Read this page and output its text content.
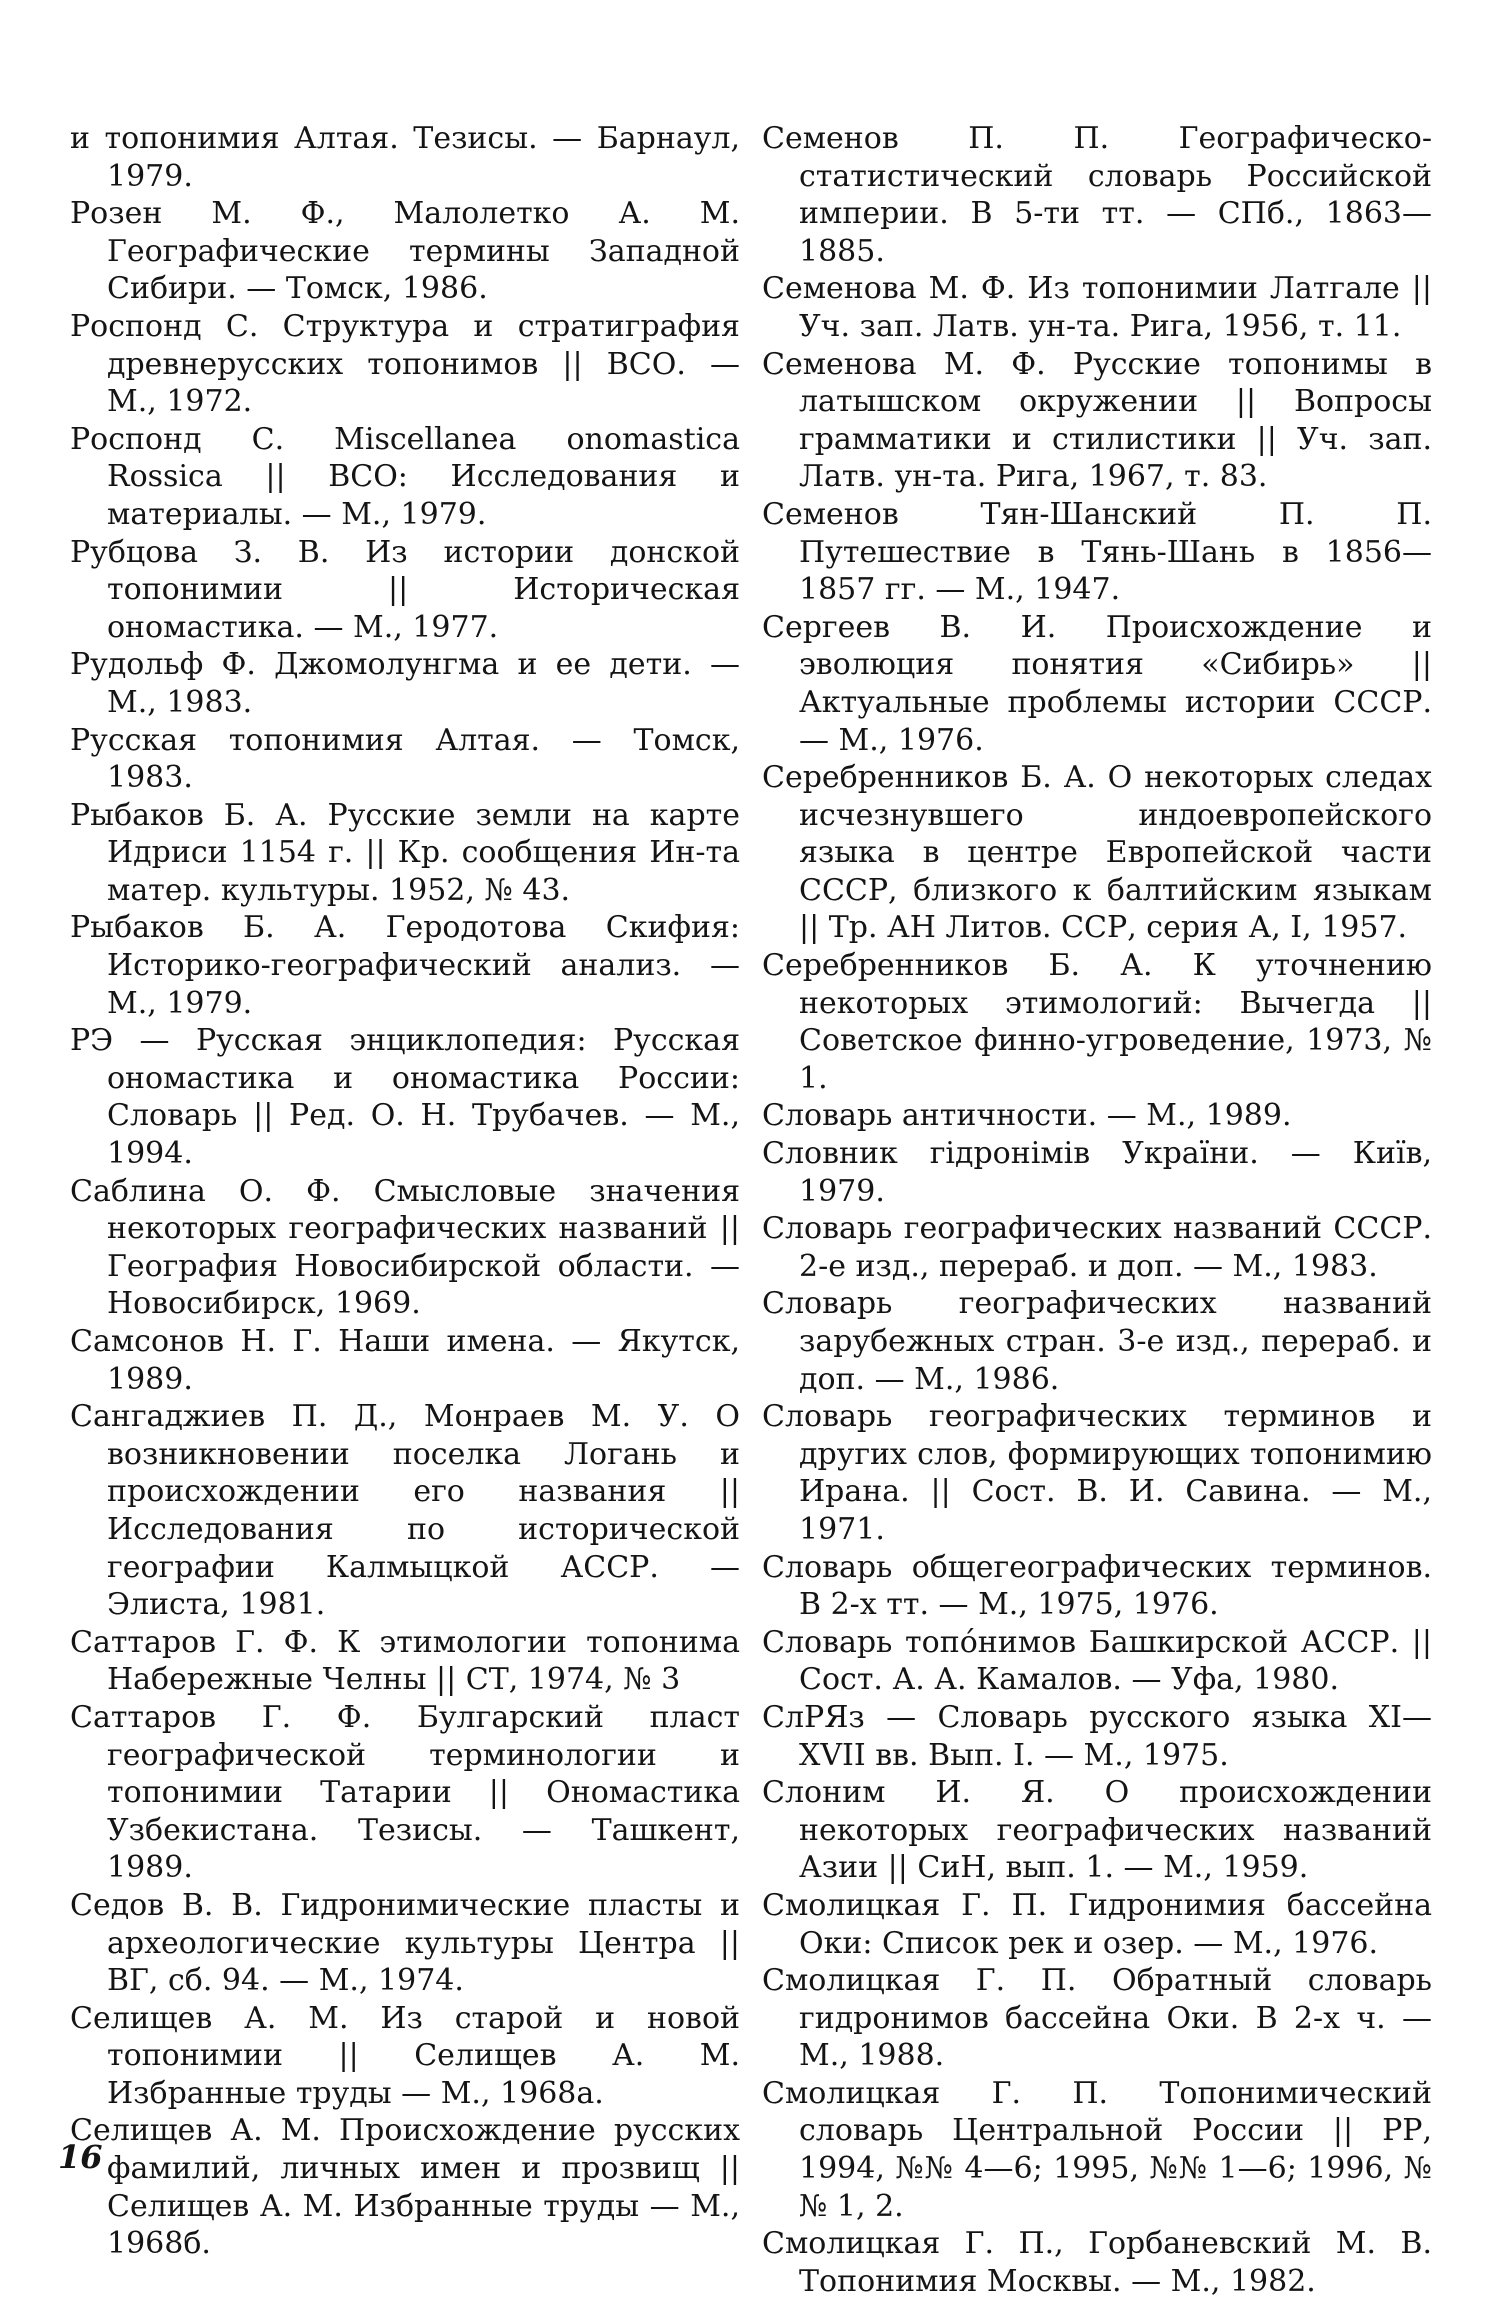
и топонимия Алтая. Тезисы. — Барнаул, 1979.

Розен М. Ф., Малолетко А. М. Географические термины Западной Сибири. — Томск, 1986.

Роспонд С. Структура и стратиграфия древнерусских топонимов || ВСО. — М., 1972.

Роспонд С. Miscellanea onomastica Rossica || ВСО: Исследования и материалы. — М., 1979.

Рубцова З. В. Из истории донской топонимии || Историческая ономастика. — М., 1977.

Рудольф Ф. Джомолунгма и ее дети. — М., 1983.

Русская топонимия Алтая. — Томск, 1983.

Рыбаков Б. А. Русские земли на карте Идриси 1154 г. || Кр. сообщения Ин-та матер. культуры. 1952, № 43.

Рыбаков Б. А. Геродотова Скифия: Историко-географический анализ. — М., 1979.

РЭ — Русская энциклопедия: Русская ономастика и ономастика России: Словарь || Ред. О. Н. Трубачев. — М., 1994.

Саблина О. Ф. Смысловые значения некоторых географических названий || География Новосибирской области. — Новосибирск, 1969.

Самсонов Н. Г. Наши имена. — Якутск, 1989.

Сангаджиев П. Д., Монраев М. У. О возникновении поселка Логань и происхождении его названия || Исследования по исторической географии Калмыцкой АССР. — Элиста, 1981.

Саттаров Г. Ф. К этимологии топонима Набережные Челны || СТ, 1974, № 3

Саттаров Г. Ф. Булгарский пласт географической терминологии и топонимии Татарии || Ономастика Узбекистана. Тезисы. — Ташкент, 1989.

Седов В. В. Гидронимические пласты и археологические культуры Центра || ВГ, сб. 94. — М., 1974.

Селищев А. М. Из старой и новой топонимии || Селищев А. М. Избранные труды — М., 1968а.

Селищев А. М. Происхождение русских фамилий, личных имен и прозвищ || Селищев А. М. Избранные труды — М., 1968б.

Семенов П. П. Географическо-статистический словарь Российской империи. В 5-ти тт. — СПб., 1863—1885.

Семенова М. Ф. Из топонимии Латгале || Уч. зап. Латв. ун-та. Рига, 1956, т. 11.

Семенова М. Ф. Русские топонимы в латышском окружении || Вопросы грамматики и стилистики || Уч. зап. Латв. ун-та. Рига, 1967, т. 83.

Семенов Тян-Шанский П. П. Путешествие в Тянь-Шань в 1856—1857 гг. — М., 1947.

Сергеев В. И. Происхождение и эволюция понятия «Сибирь» || Актуальные проблемы истории СССР. — М., 1976.

Серебренников Б. А. О некоторых следах исчезнувшего индоевропейского языка в центре Европейской части СССР, близкого к балтийским языкам || Тр. АН Литов. ССР, серия А, I, 1957.

Серебренников Б. А. К уточнению некоторых этимологий: Вычегда || Советское финно-угроведение, 1973, № 1.

Словарь античности. — М., 1989.

Словник гідронімів України. — Київ, 1979.

Словарь географических названий СССР. 2-е изд., перераб. и доп. — М., 1983.

Словарь географических названий зарубежных стран. 3-е изд., перераб. и доп. — М., 1986.

Словарь географических терминов и других слов, формирующих топонимию Ирана. || Сост. В. И. Савина. — М., 1971.

Словарь общегеографических терминов. В 2-х тт. — М., 1975, 1976.

Словарь топо́нимов Башкирской АССР. || Сост. А. А. Камалов. — Уфа, 1980.

СлРЯз — Словарь русского языка XI—XVII вв. Вып. I. — М., 1975.

Слоним И. Я. О происхождении некоторых географических названий Азии || СиН, вып. 1. — М., 1959.

Смолицкая Г. П. Гидронимия бассейна Оки: Список рек и озер. — М., 1976.

Смолицкая Г. П. Обратный словарь гидронимов бассейна Оки. В 2-х ч. — М., 1988.

Смолицкая Г. П. Топонимический словарь Центральной России || РР, 1994, №№ 4—6; 1995, №№ 1—6; 1996, №№ 1, 2.

Смолицкая Г. П., Горбаневский М. В. Топонимия Москвы. — М., 1982.

16
